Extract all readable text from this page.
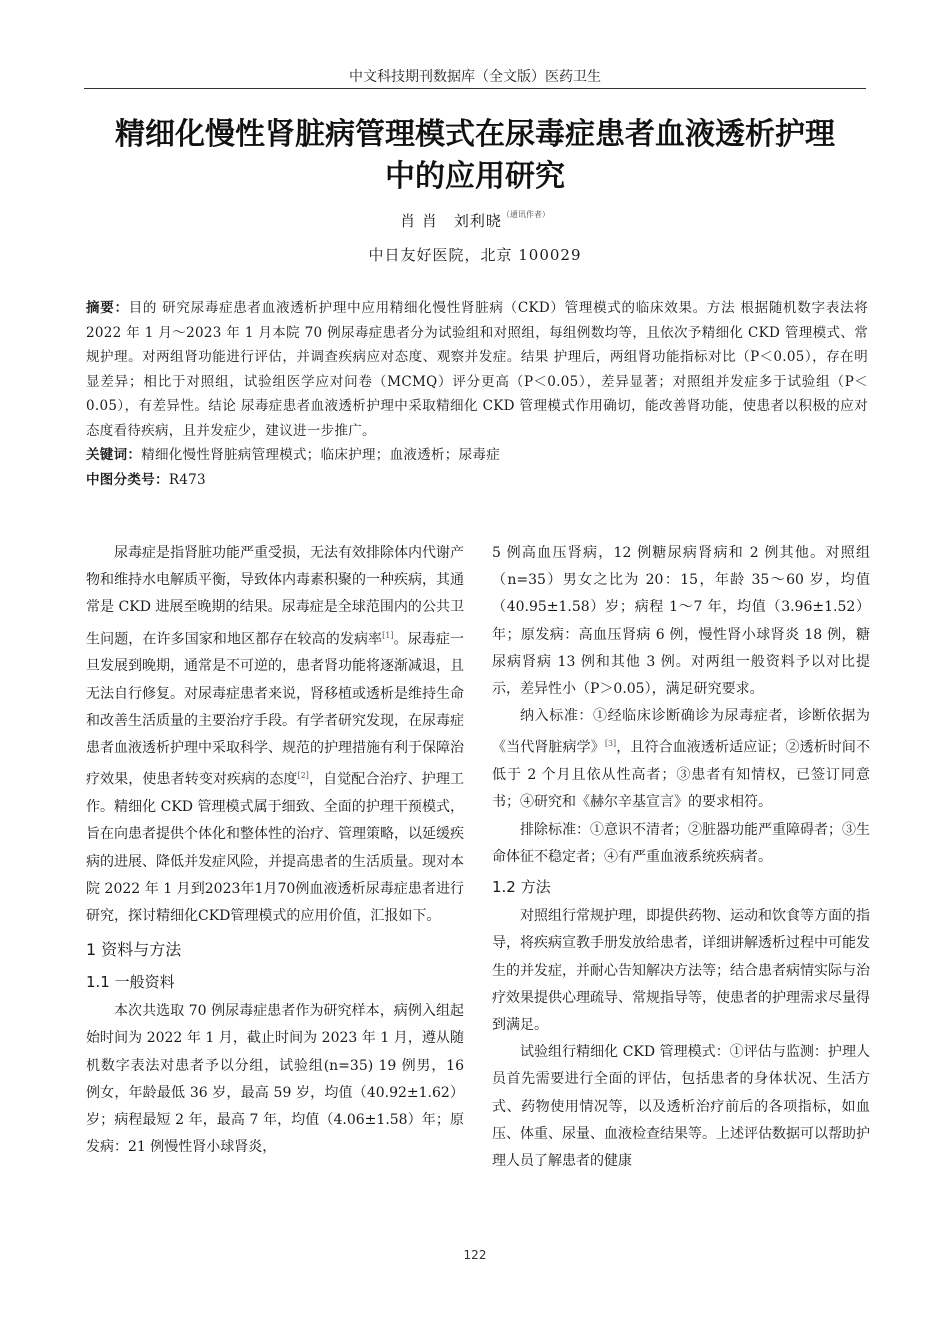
中文科技期刊数据库（全文版）医药卫生
精细化慢性肾脏病管理模式在尿毒症患者血液透析护理
中的应用研究
肖 肖　刘利晓$^{(通讯作者)}$
中日友好医院，北京 100029

摘要：目的 研究尿毒症患者血液透析护理中应用精细化慢性肾脏病（CKD）管理模式的临床效果。方法 根据随机数字表法将 2022 年 1 月～2023 年 1 月本院 70 例尿毒症患者分为试验组和对照组，每组例数均等，且依次予精细化 CKD 管理模式、常规护理。对两组肾功能进行评估，并调查疾病应对态度、观察并发症。结果 护理后，两组肾功能指标对比（P＜0.05），存在明显差异；相比于对照组，试验组医学应对问卷（MCMQ）评分更高（P＜0.05），差异显著；对照组并发症多于试验组（P＜0.05），有差异性。结论 尿毒症患者血液透析护理中采取精细化 CKD 管理模式作用确切，能改善肾功能，使患者以积极的应对态度看待疾病，且并发症少，建议进一步推广。

关键词：精细化慢性肾脏病管理模式；临床护理；血液透析；尿毒症

中图分类号：R473

尿毒症是指肾脏功能严重受损，无法有效排除体内代谢产物和维持水电解质平衡，导致体内毒素积聚的一种疾病，其通常是 CKD 进展至晚期的结果。尿毒症是全球范围内的公共卫生问题，在许多国家和地区都存在较高的发病率[1]。尿毒症一旦发展到晚期，通常是不可逆的，患者肾功能将逐渐减退，且无法自行修复。对尿毒症患者来说，肾移植或透析是维持生命和改善生活质量的主要治疗手段。有学者研究发现，在尿毒症患者血液透析护理中采取科学、规范的护理措施有利于保障治疗效果，使患者转变对疾病的态度[2]，自觉配合治疗、护理工作。精细化 CKD 管理模式属于细致、全面的护理干预模式，旨在向患者提供个体化和整体性的治疗、管理策略，以延缓疾病的进展、降低并发症风险，并提高患者的生活质量。现对本院 2022 年 1 月到2023年1月70例血液透析尿毒症患者进行研究，探讨精细化CKD管理模式的应用价值，汇报如下。

1 资料与方法
1.1 一般资料

本次共选取 70 例尿毒症患者作为研究样本，病例入组起始时间为 2022 年 1 月，截止时间为 2023 年 1 月，遵从随机数字表法对患者予以分组，试验组(n=35) 19 例男，16 例女，年龄最低 36 岁，最高 59 岁，均值（40.92±1.62）岁；病程最短 2 年，最高 7 年，均值（4.06±1.58）年；原发病：21 例慢性肾小球肾炎，

5 例高血压肾病，12 例糖尿病肾病和 2 例其他。对照组（n=35）男女之比为 20：15，年龄 35～60 岁，均值（40.95±1.58）岁；病程 1～7 年，均值（3.96±1.52）年；原发病：高血压肾病 6 例，慢性肾小球肾炎 18 例，糖尿病肾病 13 例和其他 3 例。对两组一般资料予以对比提示，差异性小（P＞0.05），满足研究要求。

纳入标准：①经临床诊断确诊为尿毒症者，诊断依据为《当代肾脏病学》[3]，且符合血液透析适应证；②透析时间不低于 2 个月且依从性高者；③患者有知情权，已签订同意书；④研究和《赫尔辛基宣言》的要求相符。

排除标准：①意识不清者；②脏器功能严重障碍者；③生命体征不稳定者；④有严重血液系统疾病者。

1.2 方法

对照组行常规护理，即提供药物、运动和饮食等方面的指导，将疾病宣教手册发放给患者，详细讲解透析过程中可能发生的并发症，并耐心告知解决方法等；结合患者病情实际与治疗效果提供心理疏导、常规指导等，使患者的护理需求尽量得到满足。

试验组行精细化 CKD 管理模式：①评估与监测：护理人员首先需要进行全面的评估，包括患者的身体状况、生活方式、药物使用情况等，以及透析治疗前后的各项指标，如血压、体重、尿量、血液检查结果等。上述评估数据可以帮助护理人员了解患者的健康

122
